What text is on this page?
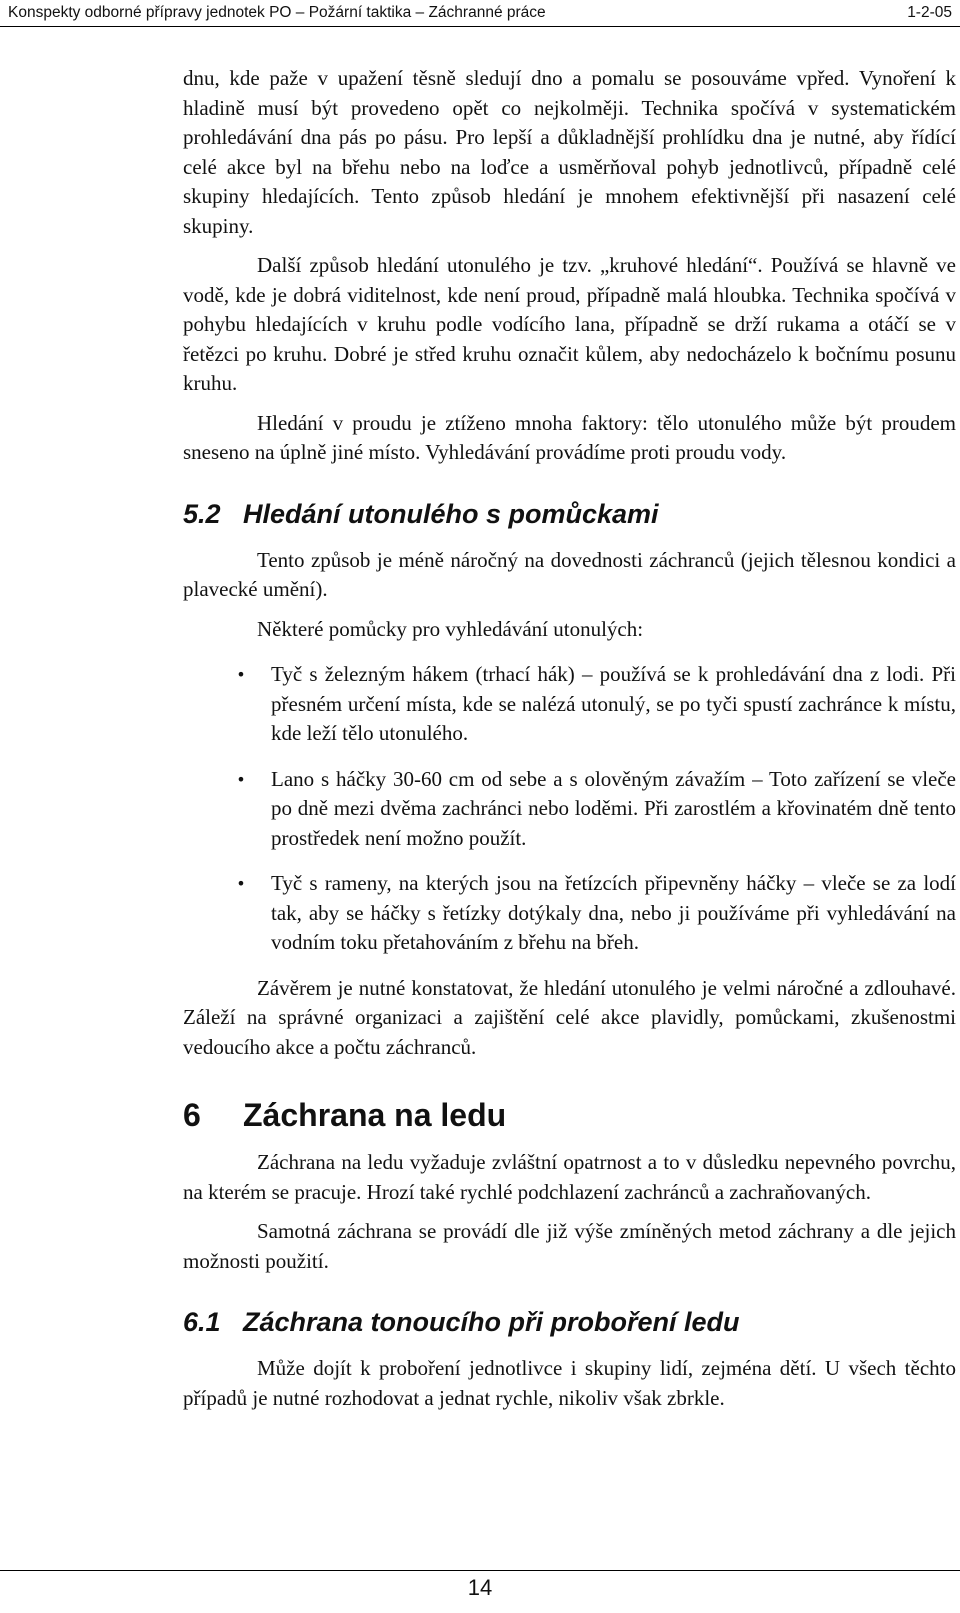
Konspekty odborné přípravy jednotek PO – Požární taktika – Záchranné práce	1-2-05

dnu, kde paže v upažení těsně sledují dno a pomalu se posouváme vpřed. Vynoření k hladině musí být provedeno opět co nejkolměji. Technika spočívá v systematickém prohledávání dna pás po pásu. Pro lepší a důkladnější prohlídku dna je nutné, aby řídící celé akce byl na břehu nebo na loďce a usměrňoval pohyb jednotlivců, případně celé skupiny hledajících. Tento způsob hledání je mnohem efektivnější při nasazení celé skupiny.

Další způsob hledání utonulého je tzv. „kruhové hledání“. Používá se hlavně ve vodě, kde je dobrá viditelnost, kde není proud, případně malá hloubka. Technika spočívá v pohybu hledajících v kruhu podle vodícího lana, případně se drží rukama a otáčí se v řetězci po kruhu. Dobré je střed kruhu označit kůlem, aby nedocházelo k bočnímu posunu kruhu.

Hledání v proudu je ztíženo mnoha faktory: tělo utonulého může být proudem sneseno na úplně jiné místo. Vyhledávání provádíme proti proudu vody.

5.2 Hledání utonulého s pomůckami

Tento způsob je méně náročný na dovednosti záchranců (jejich tělesnou kondici a plavecké umění).

Některé pomůcky pro vyhledávání utonulých:

• Tyč s železným hákem (trhací hák) – používá se k prohledávání dna z lodi. Při přesném určení místa, kde se nalézá utonulý, se po tyči spustí zachránce k místu, kde leží tělo utonulého.
• Lano s háčky 30-60 cm od sebe a s olověným závažím – Toto zařízení se vleče po dně mezi dvěma zachránci nebo loděmi. Při zarostlém a křovinatém dně tento prostředek není možno použít.
• Tyč s rameny, na kterých jsou na řetízcích připevněny háčky – vleče se za lodí tak, aby se háčky s řetízky dotýkaly dna, nebo ji používáme při vyhledávání na vodním toku přetahováním z břehu na břeh.

Závěrem je nutné konstatovat, že hledání utonulého je velmi náročné a zdlouhavé. Záleží na správné organizaci a zajištění celé akce plavidly, pomůckami, zkušenostmi vedoucího akce a počtu záchranců.

6 Záchrana na ledu

Záchrana na ledu vyžaduje zvláštní opatrnost a to v důsledku nepevného povrchu, na kterém se pracuje. Hrozí také rychlé podchlazení zachránců a zachraňovaných.

Samotná záchrana se provádí dle již výše zmíněných metod záchrany a dle jejich možnosti použití.

6.1 Záchrana tonoucího při proboření ledu

Může dojít k proboření jednotlivce i skupiny lidí, zejména dětí. U všech těchto případů je nutné rozhodovat a jednat rychle, nikoliv však zbrkle.

14
